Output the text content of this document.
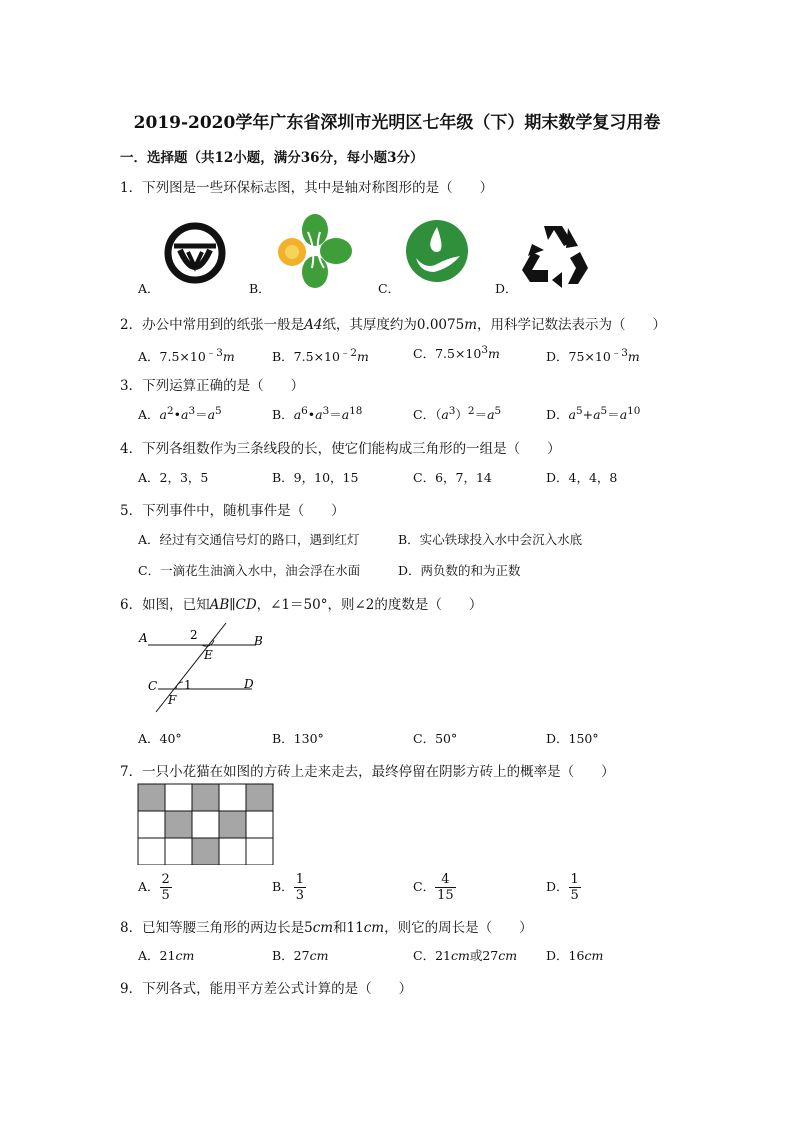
2019-2020学年广东省深圳市光明区七年级（下）期末数学复习用卷
一．选择题（共12小题，满分36分，每小题3分）
1．下列图是一些环保标志图，其中是轴对称图形的是（　　）
A．	B．	C．	D．
2．办公中常用到的纸张一般是A4纸，其厚度约为0.0075m，用科学记数法表示为（　　）
A．$7.5\times 10^{﹣3}m$	B．$7.5\times 10^{﹣2}m$	C．$7.5\times 10^3m$	D．$75\times 10^{﹣3}m$
3．下列运算正确的是（　　）
A．$a^2•a^3=a^5$	B．$a^6•a^3=a^{18}$	C．$(a^3)^2=a^5$	D．$a^5+a^5=a^{10}$
4．下列各组数作为三条线段的长，使它们能构成三角形的一组是（　　）
A．2，3，5	B．9，10，15	C．6，7，14	D．4，4，8
5．下列事件中，随机事件是（　　）
A．经过有交通信号灯的路口，遇到红灯	B．实心铁球投入水中会沉入水底
C．一滴花生油滴入水中，油会浮在水面	D．两负数的和为正数
6．如图，已知AB∥CD，∠1＝50°，则∠2的度数是（　　）
A	B
C	D
E
F
1
2
A．40°	B．130°	C．50°	D．150°
7．一只小花猫在如图的方砖上走来走去，最终停留在阴影方砖上的概率是（　　）
A． $\frac{2}{5}$	B． $\frac{1}{3}$	C． $\frac{4}{15}$	D． $\frac{1}{5}$
8．已知等腰三角形的两边长是5cm和11cm，则它的周长是（　　）
A．21cm	B．27cm	C．21cm或27cm D．16cm
9．下列各式，能用平方差公式计算的是（　　）
